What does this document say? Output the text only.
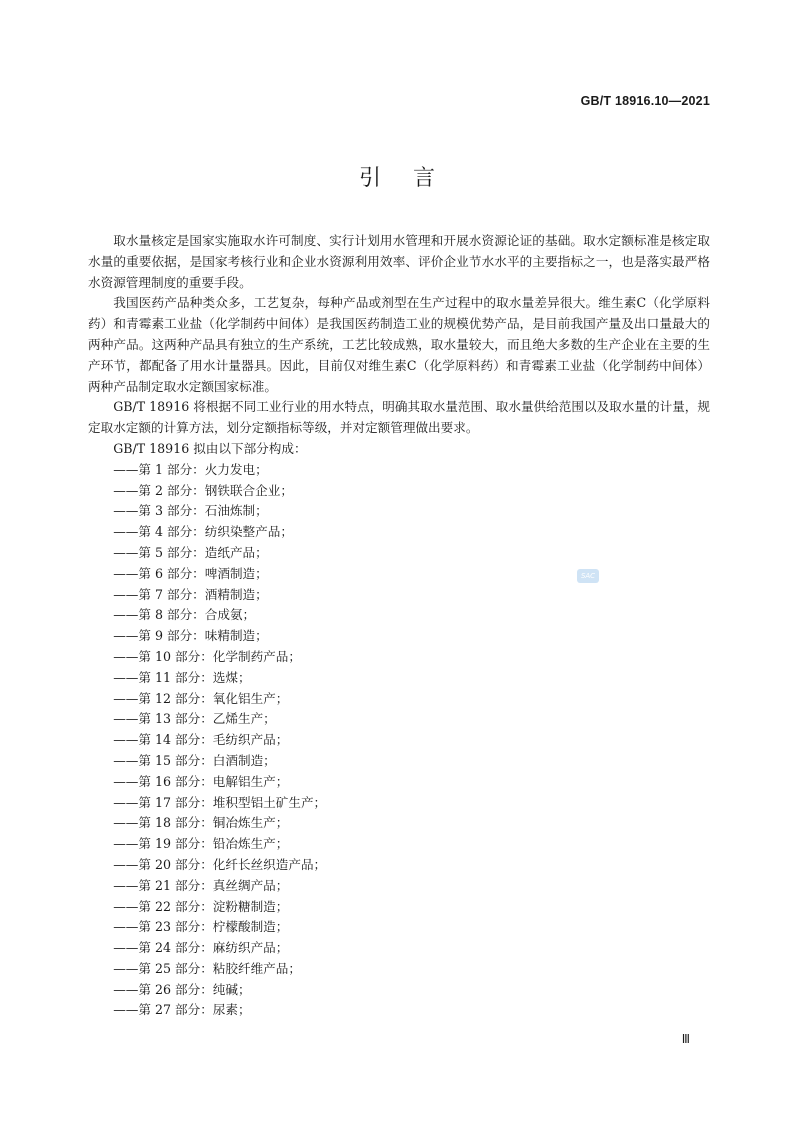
GB/T 18916.10—2021
引言

取水量核定是国家实施取水许可制度、实行计划用水管理和开展水资源论证的基础。取水定额标准是核定取水量的重要依据，是国家考核行业和企业水资源利用效率、评价企业节水水平的主要指标之一，也是落实最严格水资源管理制度的重要手段。

我国医药产品种类众多，工艺复杂，每种产品或剂型在生产过程中的取水量差异很大。维生素C（化学原料药）和青霉素工业盐（化学制药中间体）是我国医药制造工业的规模优势产品，是目前我国产量及出口量最大的两种产品。这两种产品具有独立的生产系统，工艺比较成熟，取水量较大，而且绝大多数的生产企业在主要的生产环节，都配备了用水计量器具。因此，目前仅对维生素C（化学原料药）和青霉素工业盐（化学制药中间体）两种产品制定取水定额国家标准。

GB/T 18916 将根据不同工业行业的用水特点，明确其取水量范围、取水量供给范围以及取水量的计量，规定取水定额的计算方法，划分定额指标等级，并对定额管理做出要求。

GB/T 18916 拟由以下部分构成：

——第 1 部分：火力发电；
——第 2 部分：钢铁联合企业；
——第 3 部分：石油炼制；
——第 4 部分：纺织染整产品；
——第 5 部分：造纸产品；
——第 6 部分：啤酒制造；
——第 7 部分：酒精制造；
——第 8 部分：合成氨；
——第 9 部分：味精制造；
——第 10 部分：化学制药产品；
——第 11 部分：选煤；
——第 12 部分：氧化铝生产；
——第 13 部分：乙烯生产；
——第 14 部分：毛纺织产品；
——第 15 部分：白酒制造；
——第 16 部分：电解铝生产；
——第 17 部分：堆积型铝土矿生产；
——第 18 部分：铜冶炼生产；
——第 19 部分：铅冶炼生产；
——第 20 部分：化纤长丝织造产品；
——第 21 部分：真丝绸产品；
——第 22 部分：淀粉糖制造；
——第 23 部分：柠檬酸制造；
——第 24 部分：麻纺织产品；
——第 25 部分：粘胶纤维产品；
——第 26 部分：纯碱；
——第 27 部分：尿素；
SAC
Ⅲ
